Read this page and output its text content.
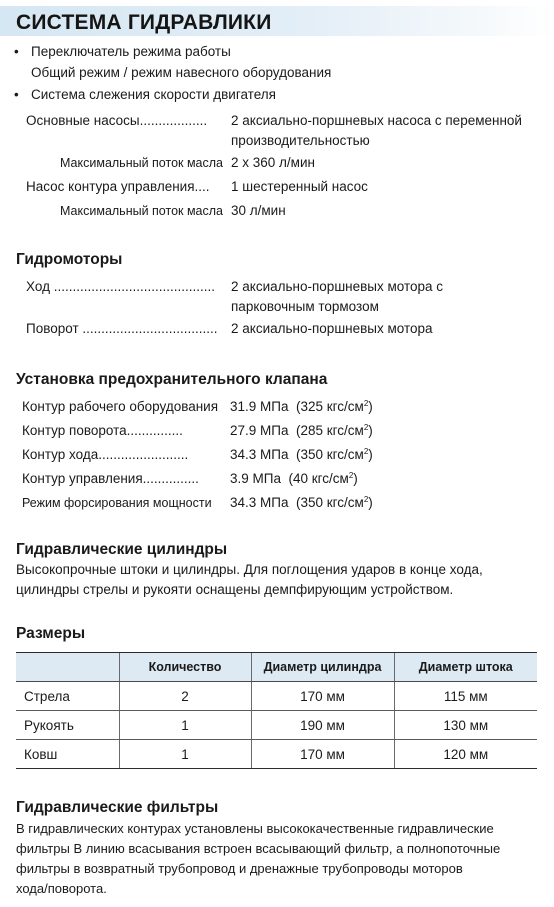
СИСТЕМА ГИДРАВЛИКИ
• Переключатель режима работы
Общий режим / режим навесного оборудования
• Система слежения скорости двигателя
Основные насосы.................. 2 аксиально-поршневых насоса с переменной
производительностью
Максимальный поток масла 2 х 360 л/мин
Насос контура управления.... 1 шестеренный насос
Максимальный поток масла 30 л/мин
Гидромоторы
Ход ........................................... 2 аксиально-поршневых мотора с
парковочным тормозом
Поворот .................................... 2 аксиально-поршневых мотора
Установка предохранительного клапана
Контур рабочего оборудования 31.9 МПа (325 кгс/$см^2$)
Контур поворота...............	27.9 МПа (285 кгс/$см^2$)
Контур хода........................	34.3 МПа (350 кгс/$см^2$)
Контур управления............... 3.9 МПа (40 кгс/$см^2$)
Режим форсирования мощности 34.3 МПа (350 кгс/$см^2$)
Гидравлические цилиндры
Высокопрочные штоки и цилиндры. Для поглощения ударов в конце хода,
цилиндры стрелы и рукояти оснащены демпфирующим устройством.
Размеры
	Количество	Диаметр цилиндра	Диаметр штока
Стрела	2	170 мм	115 мм
Рукоять	1	190 мм	130 мм
Ковш	1	170 мм	120 мм
Гидравлические фильтры
В гидравлических контурах установлены высококачественные гидравлические
фильтры В линию всасывания встроен всасывающий фильтр, а полнопоточные
фильтры в возвратный трубопровод и дренажные трубопроводы моторов
хода/поворота.
